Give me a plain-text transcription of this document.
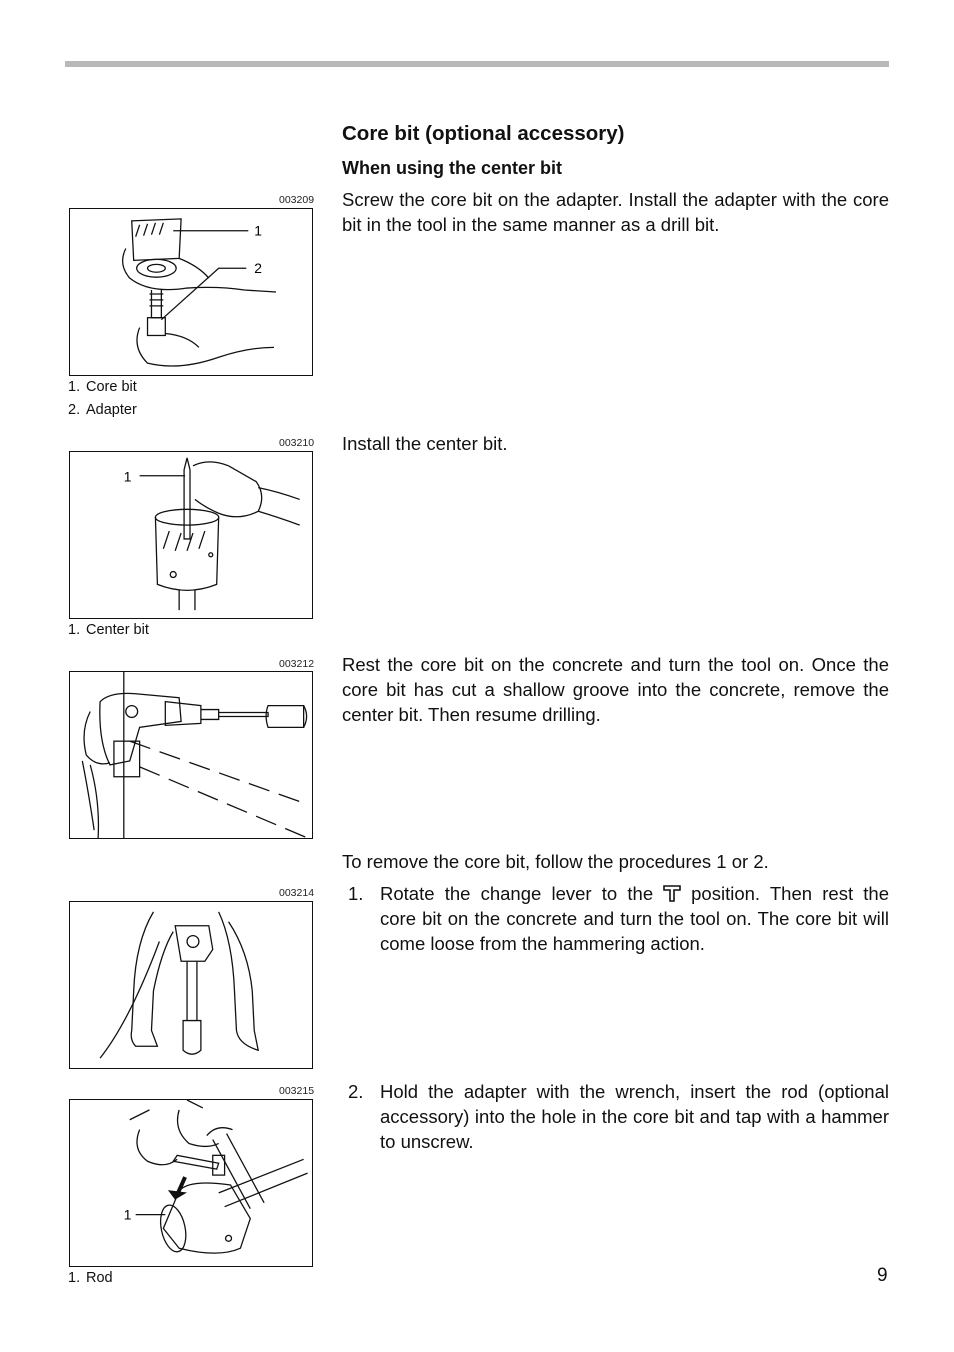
Core bit (optional accessory)
When using the center bit
003209
1
2
1. Core bit
2. Adapter

Screw the core bit on the adapter. Install the adapter with the core bit in the tool in the same manner as a drill bit.

003210
1
1. Center bit

Install the center bit.

003212 Rest the core bit on the concrete and turn the tool on. Once the core bit has cut a shallow groove into the concrete, remove the center bit. Then resume drilling.

To remove the core bit, follow the procedures 1 or 2.

003214 1. Rotate the change lever to the position. Then rest the core bit on the concrete and turn the tool on. The core bit will come loose from the hammering action.
003215
1
1. Rod
2. Hold the adapter with the wrench, insert the rod (optional accessory) into the hole in the core bit and tap with a hammer to unscrew.
9
